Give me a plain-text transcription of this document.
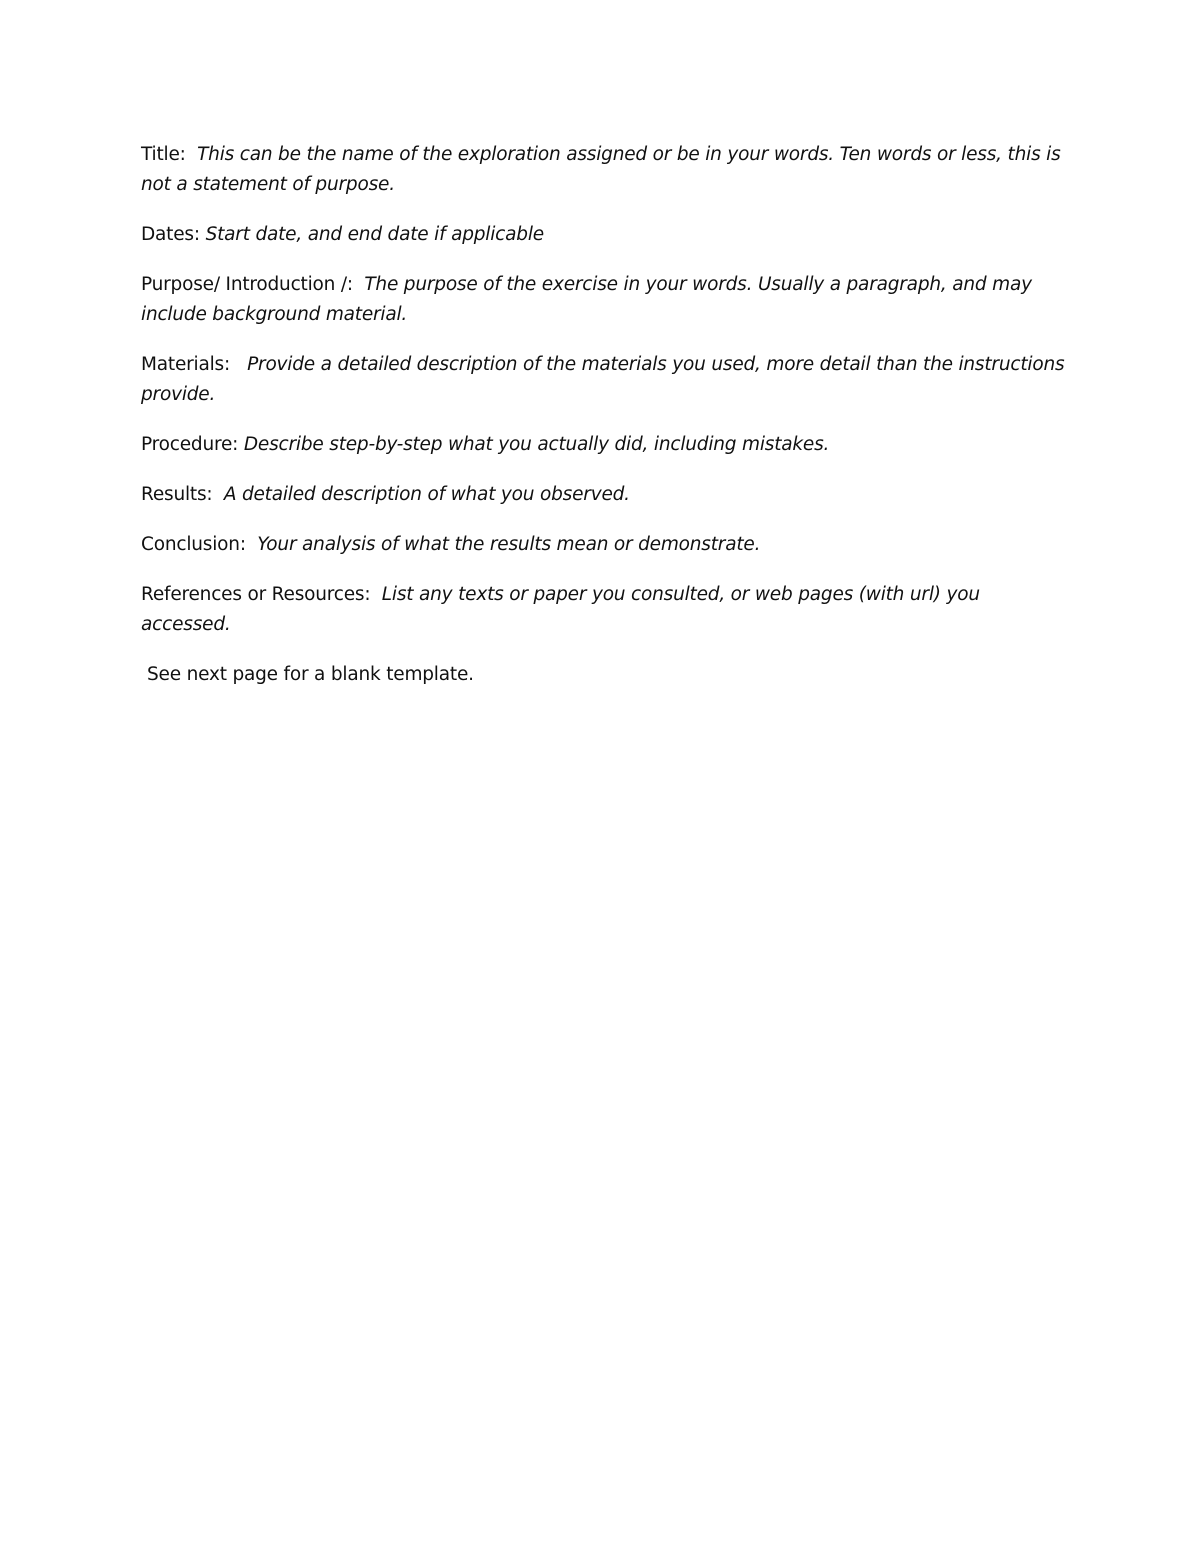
Title: This can be the name of the exploration assigned or be in your words. Ten words or less, this is not a statement of purpose.

Dates: Start date, and end date if applicable

Purpose/ Introduction /: The purpose of the exercise in your words. Usually a paragraph, and may include background material.

Materials: Provide a detailed description of the materials you used, more detail than the instructions provide.

Procedure: Describe step-by-step what you actually did, including mistakes.

Results: A detailed description of what you observed.

Conclusion: Your analysis of what the results mean or demonstrate.

References or Resources: List any texts or paper you consulted, or web pages (with url) you accessed.

See next page for a blank template.
